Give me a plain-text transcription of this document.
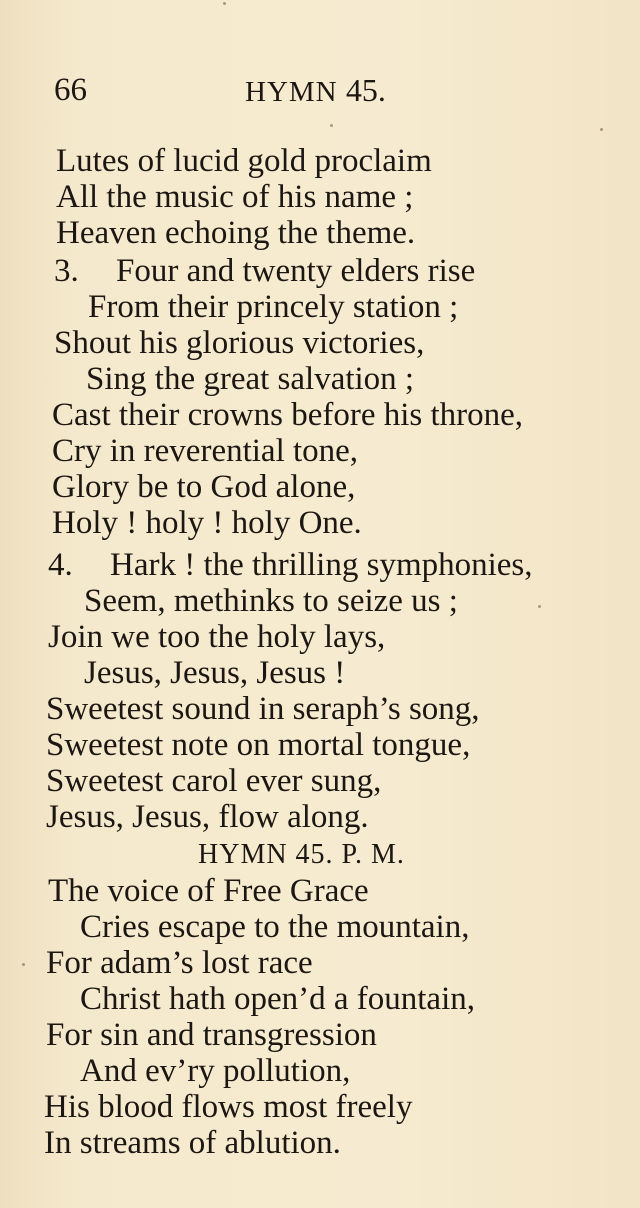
66	HYMN 45.
Lutes of lucid gold proclaim
All the music of his name ;
Heaven echoing the theme.
3. Four and twenty elders rise
From their princely station ;
Shout his glorious victories,
Sing the great salvation ;
Cast their crowns before his throne,
Cry in reverential tone,
Glory be to God alone,
Holy ! holy ! holy One.
4. Hark ! the thrilling symphonies,
Seem, methinks to seize us ;
Join we too the holy lays,
Jesus, Jesus, Jesus !
Sweetest sound in seraph’s song,
Sweetest note on mortal tongue,
Sweetest carol ever sung,
Jesus, Jesus, flow along.
HYMN 45. P. M.
The voice of Free Grace
Cries escape to the mountain,
For adam’s lost race
Christ hath open’d a fountain,
For sin and transgression
And ev’ry pollution,
His blood flows most freely
In streams of ablution.
